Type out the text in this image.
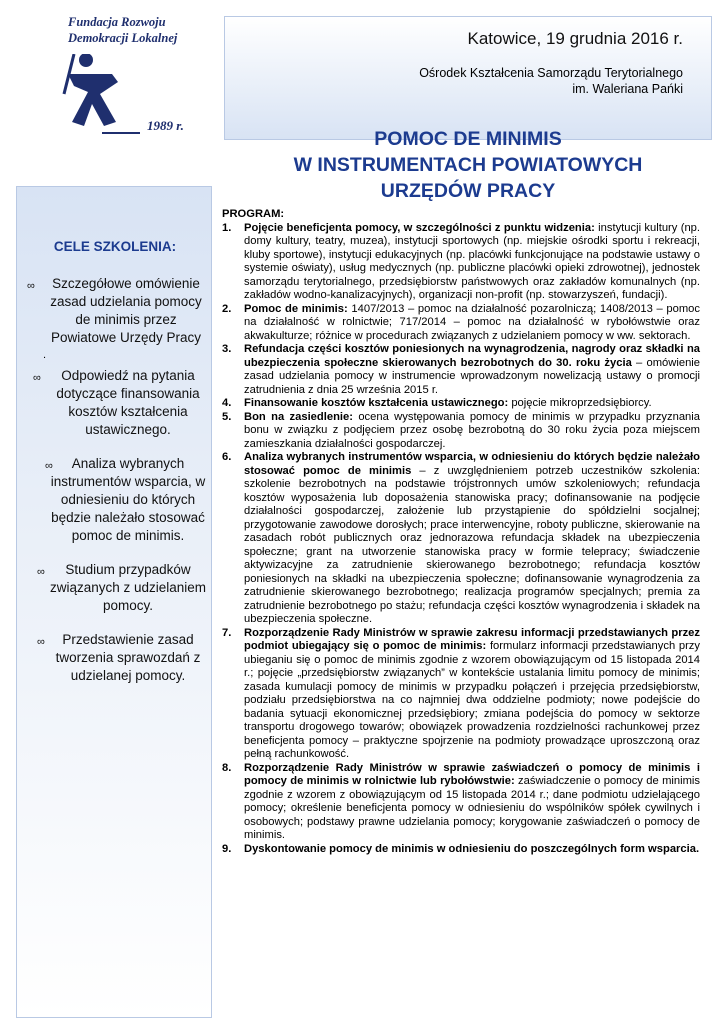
Fundacja Rozwoju
Demokracji Lokalnej
1989 r.
Katowice, 19 grudnia 2016 r.
Ośrodek Kształcenia Samorządu Terytorialnego
im. Waleriana Pańki
POMOC DE MINIMIS
W INSTRUMENTACH POWIATOWYCH
URZĘDÓW PRACY
CELE SZKOLENIA:
∞	Szczegółowe omówienie zasad udzielania pomocy de minimis przez Powiatowe Urzędy Pracy
.
∞	Odpowiedź na pytania dotyczące finansowania kosztów kształcenia ustawicznego.
∞	Analiza wybranych instrumentów wsparcia, w odniesieniu do których będzie należało stosować pomoc de minimis.
∞	Studium przypadków związanych z udzielaniem pomocy.
∞	Przedstawienie zasad tworzenia sprawozdań z udzielanej pomocy.
PROGRAM:
1. Pojęcie beneficjenta pomocy, w szczególności z punktu widzenia: instytucji kultury (np. domy kultury, teatry, muzea), instytucji sportowych (np. miejskie ośrodki sportu i rekreacji, kluby sportowe), instytucji edukacyjnych (np. placówki funkcjonujące na podstawie ustawy o systemie oświaty), usług medycznych (np. publiczne placówki opieki zdrowotnej), jednostek samorządu terytorialnego, przedsiębiorstw państwowych oraz zakładów komunalnych (np. zakładów wodno-kanalizacyjnych), organizacji non-profit (np. stowarzyszeń, fundacji).
2. Pomoc de minimis: 1407/2013 – pomoc na działalność pozarolniczą; 1408/2013 – pomoc na działalność w rolnictwie; 717/2014 – pomoc na działalność w rybołówstwie oraz akwakulturze; różnice w procedurach związanych z udzielaniem pomocy w ww. sektorach.
3. Refundacja części kosztów poniesionych na wynagrodzenia, nagrody oraz składki na ubezpieczenia społeczne skierowanych bezrobotnych do 30. roku życia – omówienie zasad udzielania pomocy w instrumencie wprowadzonym nowelizacją ustawy o promocji zatrudnienia z dnia 25 września 2015 r.
4. Finansowanie kosztów kształcenia ustawicznego: pojęcie mikroprzedsiębiorcy.
5. Bon na zasiedlenie: ocena występowania pomocy de minimis w przypadku przyznania bonu w związku z podjęciem przez osobę bezrobotną do 30 roku życia poza miejscem zamieszkania działalności gospodarczej.
6. Analiza wybranych instrumentów wsparcia, w odniesieniu do których będzie należało stosować pomoc de minimis – z uwzględnieniem potrzeb uczestników szkolenia: szkolenie bezrobotnych na podstawie trójstronnych umów szkoleniowych; refundacja kosztów wyposażenia lub doposażenia stanowiska pracy; dofinansowanie na podjęcie działalności gospodarczej, założenie lub przystąpienie do spółdzielni socjalnej; przygotowanie zawodowe dorosłych; prace interwencyjne, roboty publiczne, skierowanie na zasadach robót publicznych oraz jednorazowa refundacja składek na ubezpieczenia społeczne; grant na utworzenie stanowiska pracy w formie telepracy; świadczenie aktywizacyjne za zatrudnienie skierowanego bezrobotnego; refundacja kosztów poniesionych na składki na ubezpieczenia społeczne; dofinansowanie wynagrodzenia za zatrudnienie skierowanego bezrobotnego; realizacja programów specjalnych; premia za zatrudnienie bezrobotnego po stażu; refundacja części kosztów wynagrodzenia i składek na ubezpieczenia społeczne.
7. Rozporządzenie Rady Ministrów w sprawie zakresu informacji przedstawianych przez podmiot ubiegający się o pomoc de minimis: formularz informacji przedstawianych przy ubieganiu się o pomoc de minimis zgodnie z wzorem obowiązującym od 15 listopada 2014 r.; pojęcie „przedsiębiorstw związanych” w kontekście ustalania limitu pomocy de minimis; zasada kumulacji pomocy de minimis w przypadku połączeń i przejęcia przedsiębiorstw, podziału przedsiębiorstwa na co najmniej dwa oddzielne podmioty; nowe podejście do badania sytuacji ekonomicznej przedsiębiory; zmiana podejścia do pomocy w sektorze transportu drogowego towarów; obowiązek prowadzenia rozdzielności rachunkowej przez beneficjenta pomocy – praktyczne spojrzenie na podmioty prowadzące uproszczoną oraz pełną rachunkowość.
8. Rozporządzenie Rady Ministrów w sprawie zaświadczeń o pomocy de minimis i pomocy de minimis w rolnictwie lub rybołówstwie: zaświadczenie o pomocy de minimis zgodnie z wzorem z obowiązującym od 15 listopada 2014 r.; dane podmiotu udzielającego pomocy; określenie beneficjenta pomocy w odniesieniu do wspólników spółek cywilnych i osobowych; podstawy prawne udzielania pomocy; korygowanie zaświadczeń o pomocy de minimis.
9. Dyskontowanie pomocy de minimis w odniesieniu do poszczególnych form wsparcia.
